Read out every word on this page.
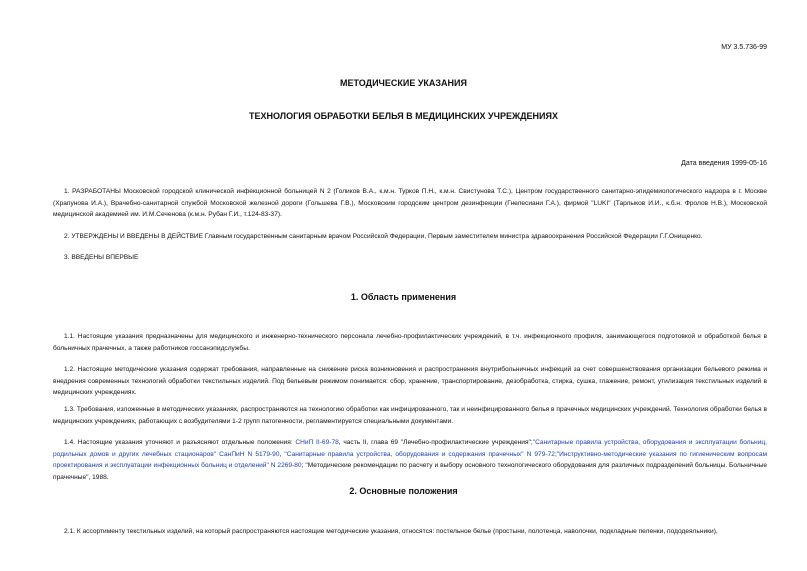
МУ 3.5.736-99
МЕТОДИЧЕСКИЕ УКАЗАНИЯ
ТЕХНОЛОГИЯ ОБРАБОТКИ БЕЛЬЯ В МЕДИЦИНСКИХ УЧРЕЖДЕНИЯХ
Дата введения 1999-05-16
1. РАЗРАБОТАНЫ Московской городской клинической инфекционной больницей N 2 (Голиков В.А., к.м.н. Турков П.Н., к.м.н. Свистунова Т.С.), Центром государственного санитарно-эпидемиологического надзора в г. Москве (Храпунова И.А.), Врачебно-санитарной службой Московской железной дороги (Гольшева Г.В.), Московским городским центром дезинфекции (Гнелесиани Г.А.), фирмой "LUKI" (Тарлыков И.И., к.б.н. Фролов Н.В.), Московской медицинской академией им. И.М.Сеченова (к.м.н. Рубан Г.И., т.124-83-37).
2. УТВЕРЖДЕНЫ И ВВЕДЕНЫ В ДЕЙСТВИЕ Главным государственным санитарным врачом Российской Федерации, Первым заместителем министра здравоохранения Российской Федерации Г.Г.Онищенко.
3. ВВЕДЕНЫ ВПЕРВЫЕ
1. Область применения
1.1. Настоящие указания предназначены для медицинского и инженерно-технического персонала лечебно-профилактических учреждений, в т.ч. инфекционного профиля, занимающегося подготовкой и обработкой белья в больничных прачечных, а также работников госсанэпидслужбы.
1.2. Настоящие методические указания содержат требования, направленные на снижение риска возникновения и распространения внутрибольничных инфекций за счет совершенствования организации бельевого режима и внедрения современных технологий обработки текстильных изделий. Под бельевым режимом понимается: сбор, хранение, транспортирование, дезобработка, стирка, сушка, глажение, ремонт, утилизация текстильных изделий в медицинских учреждениях.
1.3. Требования, изложенные в методических указаниях, распространяются на технологию обработки как инфицированного, так и неинфицированного белья в прачечных медицинских учреждений. Технология обработки белья в медицинских учреждениях, работающих с возбудителями 1-2 групп патогенности, регламентируется специальными документами.
1.4. Настоящие указания уточняют и разъясняют отдельные положения: СНиП II-69-78, часть II, глава 69 "Лечебно-профилактические учреждения";"Санитарные правила устройства, оборудования и эксплуатации больниц, родильных домов и других лечебных стационаров" СанПиН N 5179-90, "Санитарные правила устройства, оборудования и содержания прачечных" N 979-72;"Инструктивно-методические указания по гигиеническим вопросам проектирования и эксплуатации инфекционных больниц и отделений" N 2269-80; "Методические рекомендации по расчету и выбору основного технологического оборудования для различных подразделений больницы. Больничные прачечные", 1988.
2. Основные положения
2.1. К ассортименту текстильных изделий, на который распространяются настоящие методические указания, относятся: постельное белье (простыни, полотенца, наволочки, подкладные пеленки, пододеяльники),
